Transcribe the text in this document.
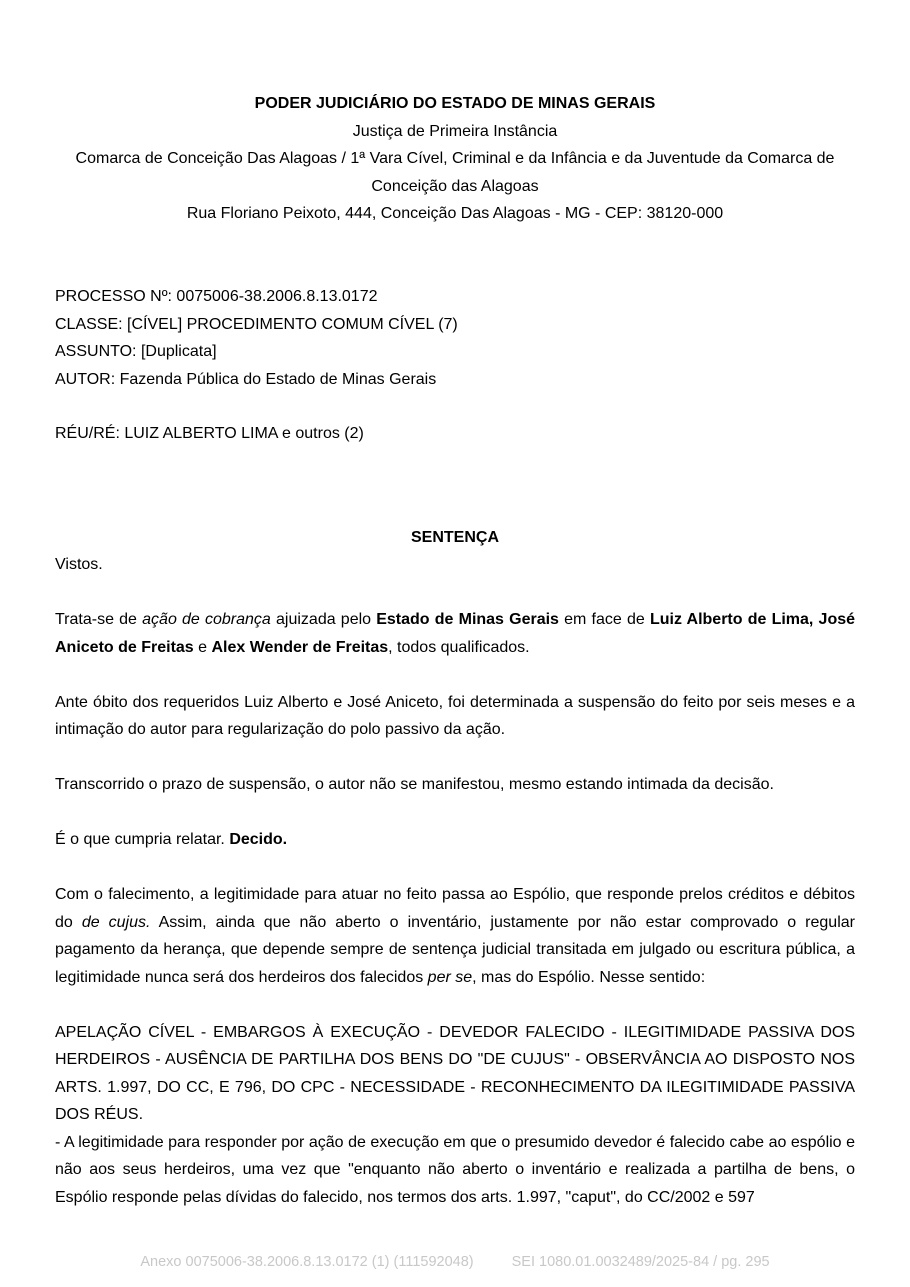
PODER JUDICIÁRIO DO ESTADO DE MINAS GERAIS
Justiça de Primeira Instância
Comarca de Conceição Das Alagoas / 1ª Vara Cível, Criminal e da Infância e da Juventude da Comarca de Conceição das Alagoas
Rua Floriano Peixoto, 444, Conceição Das Alagoas - MG - CEP: 38120-000
PROCESSO Nº: 0075006-38.2006.8.13.0172
CLASSE: [CÍVEL] PROCEDIMENTO COMUM CÍVEL (7)
ASSUNTO: [Duplicata]
AUTOR: Fazenda Pública do Estado de Minas Gerais
RÉU/RÉ: LUIZ ALBERTO LIMA e outros (2)
SENTENÇA

Vistos.

Trata-se de ação de cobrança ajuizada pelo Estado de Minas Gerais em face de Luiz Alberto de Lima, José Aniceto de Freitas e Alex Wender de Freitas, todos qualificados.

Ante óbito dos requeridos Luiz Alberto e José Aniceto, foi determinada a suspensão do feito por seis meses e a intimação do autor para regularização do polo passivo da ação.

Transcorrido o prazo de suspensão, o autor não se manifestou, mesmo estando intimada da decisão.

É o que cumpria relatar. Decido.

Com o falecimento, a legitimidade para atuar no feito passa ao Espólio, que responde prelos créditos e débitos do de cujus. Assim, ainda que não aberto o inventário, justamente por não estar comprovado o regular pagamento da herança, que depende sempre de sentença judicial transitada em julgado ou escritura pública, a legitimidade nunca será dos herdeiros dos falecidos per se, mas do Espólio. Nesse sentido:

APELAÇÃO CÍVEL - EMBARGOS À EXECUÇÃO - DEVEDOR FALECIDO - ILEGITIMIDADE PASSIVA DOS HERDEIROS - AUSÊNCIA DE PARTILHA DOS BENS DO "DE CUJUS" - OBSERVÂNCIA AO DISPOSTO NOS ARTS. 1.997, DO CC, E 796, DO CPC - NECESSIDADE - RECONHECIMENTO DA ILEGITIMIDADE PASSIVA DOS RÉUS.

- A legitimidade para responder por ação de execução em que o presumido devedor é falecido cabe ao espólio e não aos seus herdeiros, uma vez que "enquanto não aberto o inventário e realizada a partilha de bens, o Espólio responde pelas dívidas do falecido, nos termos dos arts. 1.997, "caput", do CC/2002 e 597

Anexo 0075006-38.2006.8.13.0172 (1) (111592048)	SEI 1080.01.0032489/2025-84 / pg. 295
